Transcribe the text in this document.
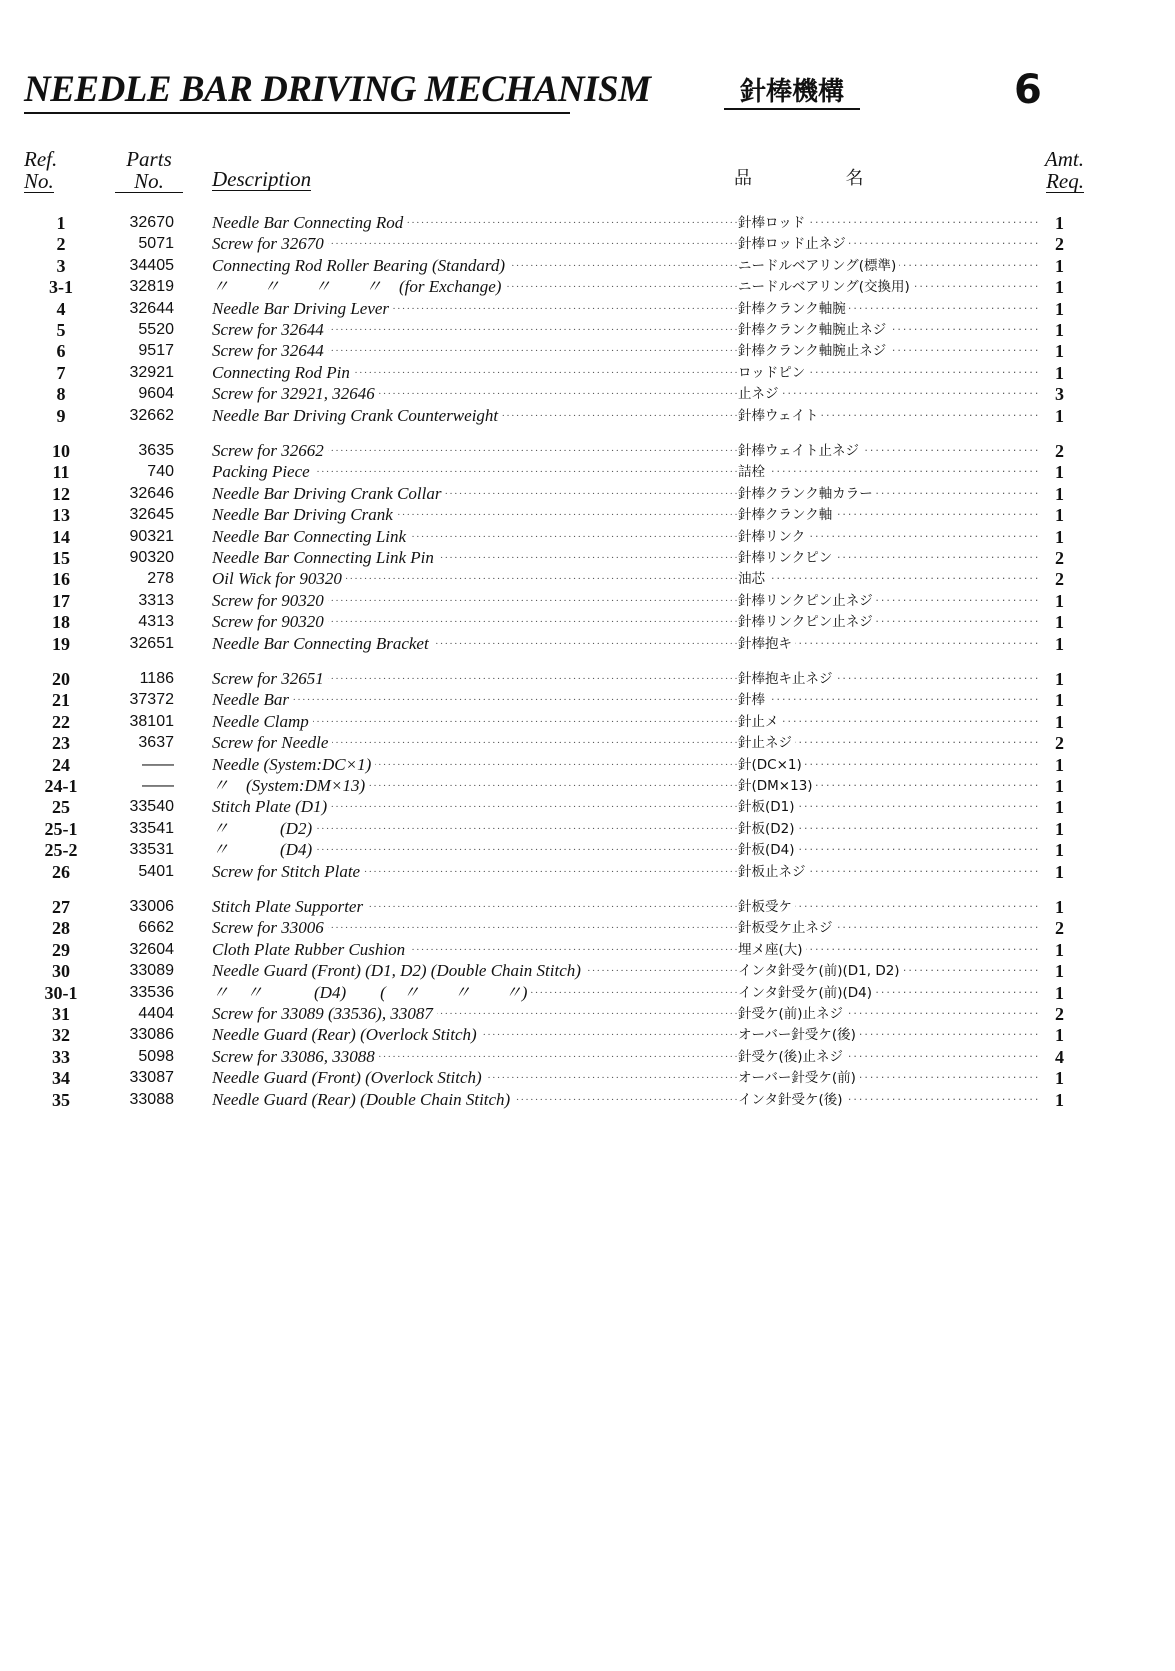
NEEDLE BAR DRIVING MECHANISM	針棒機構	6
Ref.
No.
Parts
No.	Description	品	名
Amt.
Req.
1	32670 ····· Needle Bar Connecting Rod ·····	針棒ロッド	1
2	5071 ····· Screw for 32670 ·····	針棒ロッド止ネジ	2
3	34405 ····· Connecting Rod Roller Bearing (Standard) ·····	ニードルベアリング(標準)	1
3-1	32819 ····· 〃　　〃　　〃　　〃　(for Exchange) ·····	ニードルベアリング(交換用)	1
4	32644 ····· Needle Bar Driving Lever ·····	針棒クランク軸腕	1
5	5520 ····· Screw for 32644 ·····	針棒クランク軸腕止ネジ	1
6	9517 ····· Screw for 32644 ·····	針棒クランク軸腕止ネジ	1
7	32921 ····· Connecting Rod Pin ·····	ロッドピン	1
8	9604 ····· Screw for 32921, 32646 ·····	止ネジ	3
9	32662 ····· Needle Bar Driving Crank Counterweight ·····	針棒ウェイト	1
10	3635 ····· Screw for 32662 ·····	針棒ウェイト止ネジ	2
11	740 ····· Packing Piece ·····	詰栓	1
12	32646 ····· Needle Bar Driving Crank Collar ·····	針棒クランク軸カラー	1
13	32645 ····· Needle Bar Driving Crank ·····	針棒クランク軸	1
14	90321 ····· Needle Bar Connecting Link ·····	針棒リンク	1
15	90320 ····· Needle Bar Connecting Link Pin ·····	針棒リンクピン	2
16	278 ····· Oil Wick for 90320 ·····	油芯	2
17	3313 ····· Screw for 90320 ·····	針棒リンクピン止ネジ	1
18	4313 ····· Screw for 90320 ·····	針棒リンクピン止ネジ	1
19	32651 ····· Needle Bar Connecting Bracket ·····	針棒抱キ	1
20	1186 ····· Screw for 32651 ·····	針棒抱キ止ネジ	1
21	37372 ····· Needle Bar ·····	針棒	1
22	38101 ····· Needle Clamp ·····	針止メ	1
23	3637 ····· Screw for Needle ·····	針止ネジ	2
24	—— ····· Needle (System:DC×1) ·····	針(DC×1)	1
24-1	—— ····· 〃　(System:DM×13) ·····	針(DM×13)	1
25	33540 ····· Stitch Plate (D1) ·····	針板(D1)	1
25-1	33541 ····· 〃　　　(D2) ·····	針板(D2)	1
25-2	33531 ····· 〃　　　(D4) ·····	針板(D4)	1
26	5401 ····· Screw for Stitch Plate ·····	針板止ネジ	1
27	33006 ····· Stitch Plate Supporter ·····	針板受ケ	1
28	6662 ····· Screw for 33006 ·····	針板受ケ止ネジ	2
29	32604 ····· Cloth Plate Rubber Cushion ·····	埋メ座(大)	1
30	33089 ····· Needle Guard (Front) (D1, D2) (Double Chain Stitch) ·····	インタ針受ケ(前)(D1, D2)	1
30-1	33536 ····· 〃　〃　　　(D4)　　(　〃　　〃　　〃) ·····	インタ針受ケ(前)(D4)	1
31	4404 ····· Screw for 33089 (33536), 33087 ·····	針受ケ(前)止ネジ	2
32	33086 ····· Needle Guard (Rear) (Overlock Stitch) ·····	オーバー針受ケ(後)	1
33	5098 ····· Screw for 33086, 33088 ·····	針受ケ(後)止ネジ	4
34	33087 ····· Needle Guard (Front) (Overlock Stitch) ·····	オーバー針受ケ(前)	1
35	33088 ····· Needle Guard (Rear) (Double Chain Stitch) ·····	インタ針受ケ(後)	1
